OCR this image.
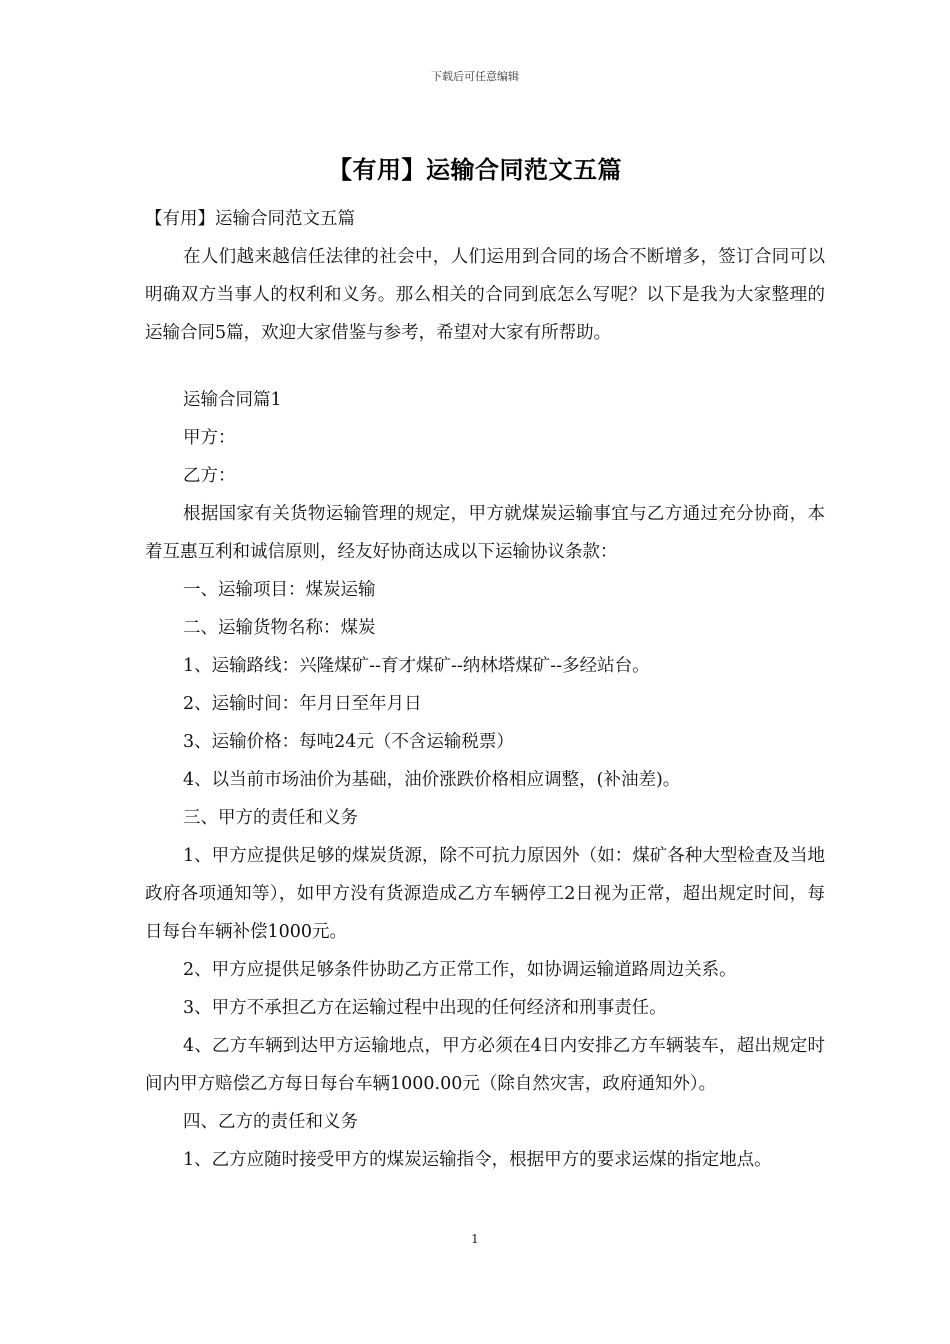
下载后可任意编辑
【有用】运输合同范文五篇

【有用】运输合同范文五篇

在人们越来越信任法律的社会中，人们运用到合同的场合不断增多，签订合同可以明确双方当事人的权利和义务。那么相关的合同到底怎么写呢？以下是我为大家整理的运输合同5篇，欢迎大家借鉴与参考，希望对大家有所帮助。

运输合同篇1

甲方：

乙方：

根据国家有关货物运输管理的规定，甲方就煤炭运输事宜与乙方通过充分协商，本着互惠互利和诚信原则，经友好协商达成以下运输协议条款：

一、运输项目：煤炭运输

二、运输货物名称：煤炭

1、运输路线：兴隆煤矿--育才煤矿--纳林塔煤矿--多经站台。

2、运输时间：年月日至年月日

3、运输价格：每吨24元（不含运输税票）

4、以当前市场油价为基础，油价涨跌价格相应调整，(补油差)。

三、甲方的责任和义务

1、甲方应提供足够的煤炭货源，除不可抗力原因外（如：煤矿各种大型检查及当地政府各项通知等），如甲方没有货源造成乙方车辆停工2日视为正常，超出规定时间，每日每台车辆补偿1000元。

2、甲方应提供足够条件协助乙方正常工作，如协调运输道路周边关系。

3、甲方不承担乙方在运输过程中出现的任何经济和刑事责任。

4、乙方车辆到达甲方运输地点，甲方必须在4日内安排乙方车辆装车，超出规定时间内甲方赔偿乙方每日每台车辆1000.00元（除自然灾害，政府通知外）。

四、乙方的责任和义务

1、乙方应随时接受甲方的煤炭运输指令，根据甲方的要求运煤的指定地点。

1
